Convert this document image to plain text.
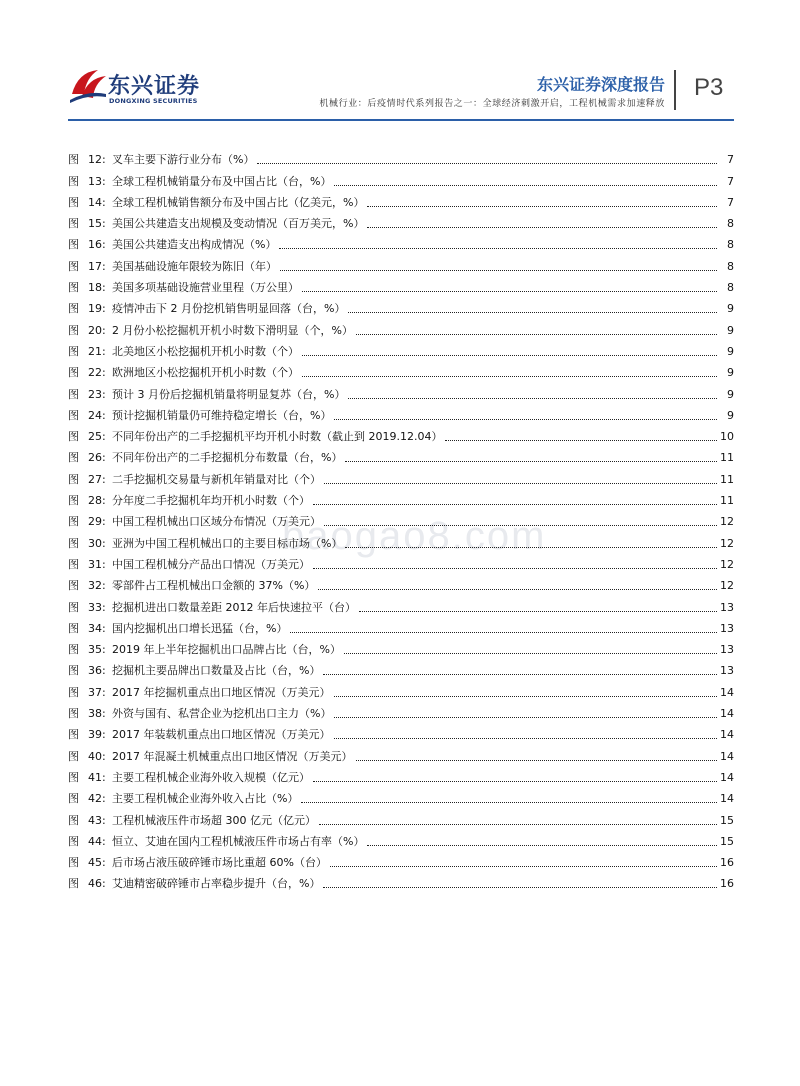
东兴证券
DONGXING SECURITIES
东兴证券深度报告
机械行业：后疫情时代系列报告之一：全球经济刺激开启，工程机械需求加速释放
P3
baogao8.com
图 12: 叉车主要下游行业分布（%）	7
图 13: 全球工程机械销量分布及中国占比（台，%）	7
图 14: 全球工程机械销售额分布及中国占比（亿美元，%）	7
图 15: 美国公共建造支出规模及变动情况（百万美元，%）	8
图 16: 美国公共建造支出构成情况（%）	8
图 17: 美国基础设施年限较为陈旧（年）	8
图 18: 美国多项基础设施营业里程（万公里）	8
图 19: 疫情冲击下 2 月份挖机销售明显回落（台，%）	9
图 20: 2 月份小松挖掘机开机小时数下滑明显（个，%）	9
图 21: 北美地区小松挖掘机开机小时数（个）	9
图 22: 欧洲地区小松挖掘机开机小时数（个）	9
图 23: 预计 3 月份后挖掘机销量将明显复苏（台，%）	9
图 24: 预计挖掘机销量仍可维持稳定增长（台，%）	9
图 25: 不同年份出产的二手挖掘机平均开机小时数（截止到 2019.12.04）	10
图 26: 不同年份出产的二手挖掘机分布数量（台，%）	11
图 27: 二手挖掘机交易量与新机年销量对比（个）	11
图 28: 分年度二手挖掘机年均开机小时数（个）	11
图 29: 中国工程机械出口区域分布情况（万美元）	12
图 30: 亚洲为中国工程机械出口的主要目标市场（%）	12
图 31: 中国工程机械分产品出口情况（万美元）	12
图 32: 零部件占工程机械出口金额的 37%（%）	12
图 33: 挖掘机进出口数量差距 2012 年后快速拉平（台）	13
图 34: 国内挖掘机出口增长迅猛（台，%）	13
图 35: 2019 年上半年挖掘机出口品牌占比（台，%）	13
图 36: 挖掘机主要品牌出口数量及占比（台，%）	13
图 37: 2017 年挖掘机重点出口地区情况（万美元）	14
图 38: 外资与国有、私营企业为挖机出口主力（%）	14
图 39: 2017 年装载机重点出口地区情况（万美元）	14
图 40: 2017 年混凝土机械重点出口地区情况（万美元）	14
图 41: 主要工程机械企业海外收入规模（亿元）	14
图 42: 主要工程机械企业海外收入占比（%）	14
图 43: 工程机械液压件市场超 300 亿元（亿元）	15
图 44: 恒立、艾迪在国内工程机械液压件市场占有率（%）	15
图 45: 后市场占液压破碎锤市场比重超 60%（台）	16
图 46: 艾迪精密破碎锤市占率稳步提升（台，%）	16
